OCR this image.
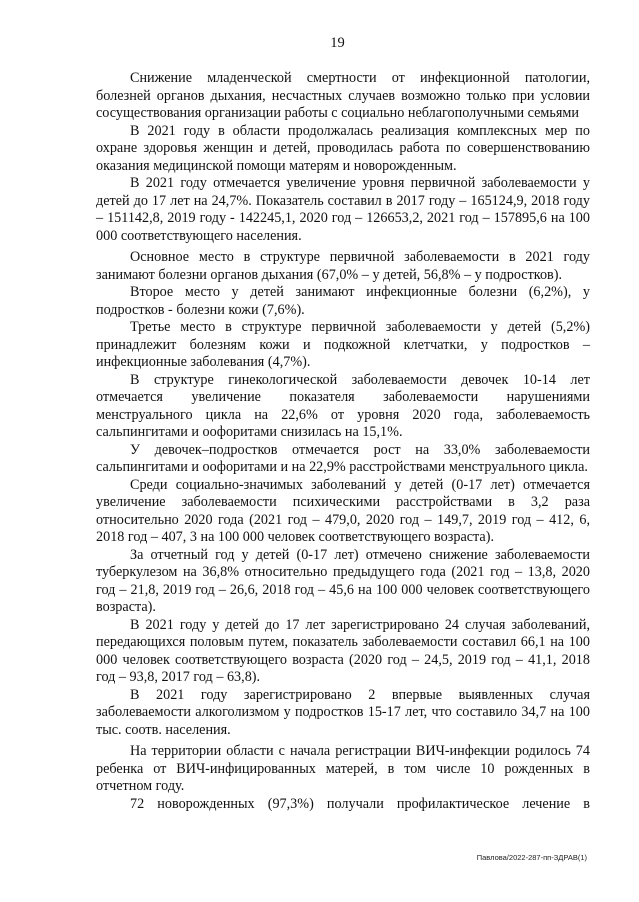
19

Снижение младенческой смертности от инфекционной патологии, болезней органов дыхания, несчастных случаев возможно только при условии сосуществования организации работы с социально неблагополучными семьями

В 2021 году в области продолжалась реализация комплексных мер по охране здоровья женщин и детей, проводилась работа по совершенствованию оказания медицинской помощи матерям и новорожденным.

В 2021 году отмечается увеличение уровня первичной заболеваемости у детей до 17 лет на 24,7%. Показатель составил в 2017 году – 165124,9, 2018 году – 151142,8, 2019 году - 142245,1, 2020 год – 126653,2, 2021 год – 157895,6 на 100 000 соответствующего населения.

Основное место в структуре первичной заболеваемости в 2021 году занимают болезни органов дыхания (67,0% – у детей, 56,8% – у подростков).

Второе место у детей занимают инфекционные болезни (6,2%), у подростков - болезни кожи (7,6%).

Третье место в структуре первичной заболеваемости у детей (5,2%) принадлежит болезням кожи и подкожной клетчатки, у подростков – инфекционные заболевания (4,7%).

В структуре гинекологической заболеваемости девочек 10-14 лет отмечается увеличение показателя заболеваемости нарушениями менструального цикла на 22,6% от уровня 2020 года, заболеваемость сальпингитами и оофоритами снизилась на 15,1%.

У девочек–подростков отмечается рост на 33,0% заболеваемости сальпингитами и оофоритами и на 22,9% расстройствами менструального цикла.

Среди социально-значимых заболеваний у детей (0-17 лет) отмечается увеличение заболеваемости психическими расстройствами в 3,2 раза относительно 2020 года (2021 год – 479,0, 2020 год – 149,7, 2019 год – 412, 6, 2018 год – 407, 3 на 100 000 человек соответствующего возраста).

За отчетный год у детей (0-17 лет) отмечено снижение заболеваемости туберкулезом на 36,8% относительно предыдущего года (2021 год – 13,8, 2020 год – 21,8, 2019 год – 26,6, 2018 год – 45,6 на 100 000 человек соответствующего возраста).

В 2021 году у детей до 17 лет зарегистрировано 24 случая заболеваний, передающихся половым путем, показатель заболеваемости составил 66,1 на 100 000 человек соответствующего возраста (2020 год – 24,5, 2019 год – 41,1, 2018 год – 93,8, 2017 год – 63,8).

В 2021 году зарегистрировано 2 впервые выявленных случая заболеваемости алкоголизмом у подростков 15-17 лет, что составило 34,7 на 100 тыс. соотв. населения.

На территории области с начала регистрации ВИЧ-инфекции родилось 74 ребенка от ВИЧ-инфицированных матерей, в том числе 10 рожденных в отчетном году.

72 новорожденных (97,3%) получали профилактическое лечение в

Павлова/2022-287-пп-ЗДРАВ(1)
